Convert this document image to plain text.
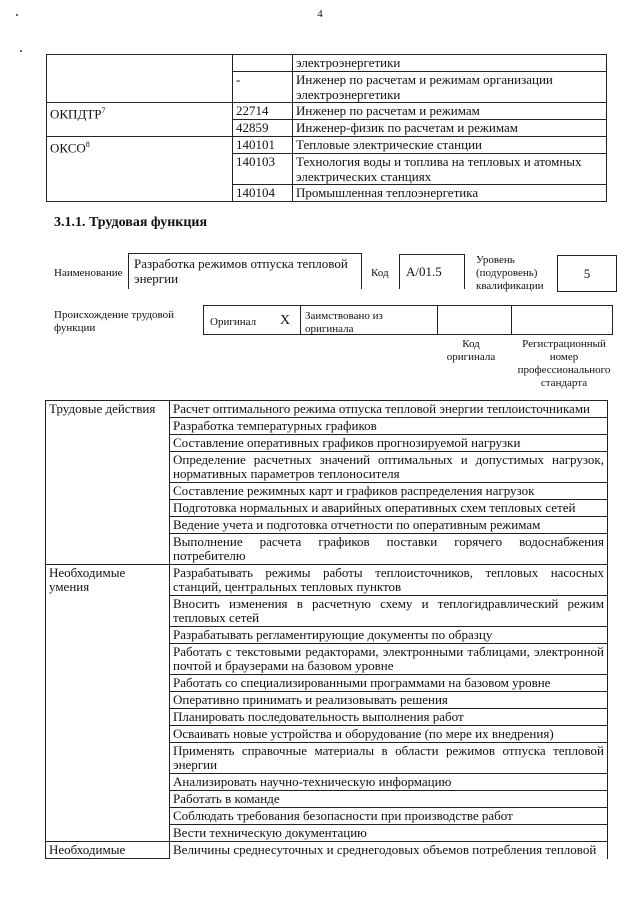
4
		электроэнергетики
	-	Инженер по расчетам и режимам организации электроэнергетики
ОКПДТР$^7$	22714	Инженер по расчетам и режимам
	42859	Инженер-физик по расчетам и режимам
ОКСО$^8$	140101	Тепловые электрические станции
	140103	Технология воды и топлива на тепловых и атомных электрических станциях
	140104	Промышленная теплоэнергетика
3.1.1. Трудовая функция
Наименование
Разработка режимов отпуска тепловой энергии	Код	A/01.5
Уровень (подуровень) квалификации
5
Происхождение трудовой функции	Оригинал X Заимствовано из оригинала
Код оригинала
Регистрационный номер профессионального стандарта
Трудовые действия	Расчет оптимального режима отпуска тепловой энергии теплоисточниками
	Разработка температурных графиков
	Составление оперативных графиков прогнозируемой нагрузки
	Определение расчетных значений оптимальных и допустимых нагрузок, нормативных параметров теплоносителя
	Составление режимных карт и графиков распределения нагрузок
	Подготовка нормальных и аварийных оперативных схем тепловых сетей
	Ведение учета и подготовка отчетности по оперативным режимам
	Выполнение расчета графиков поставки горячего водоснабжения потребителю
Необходимые умения	Разрабатывать режимы работы теплоисточников, тепловых насосных станций, центральных тепловых пунктов
	Вносить изменения в расчетную схему и теплогидравлический режим тепловых сетей
	Разрабатывать регламентирующие документы по образцу
	Работать с текстовыми редакторами, электронными таблицами, электронной почтой и браузерами на базовом уровне
	Работать со специализированными программами на базовом уровне
	Оперативно принимать и реализовывать решения
	Планировать последовательность выполнения работ
	Осваивать новые устройства и оборудование (по мере их внедрения)
	Применять справочные материалы в области режимов отпуска тепловой энергии
	Анализировать научно-техническую информацию
	Работать в команде
	Соблюдать требования безопасности при производстве работ
	Вести техническую документацию
Необходимые	Величины среднесуточных и среднегодовых объемов потребления тепловой
